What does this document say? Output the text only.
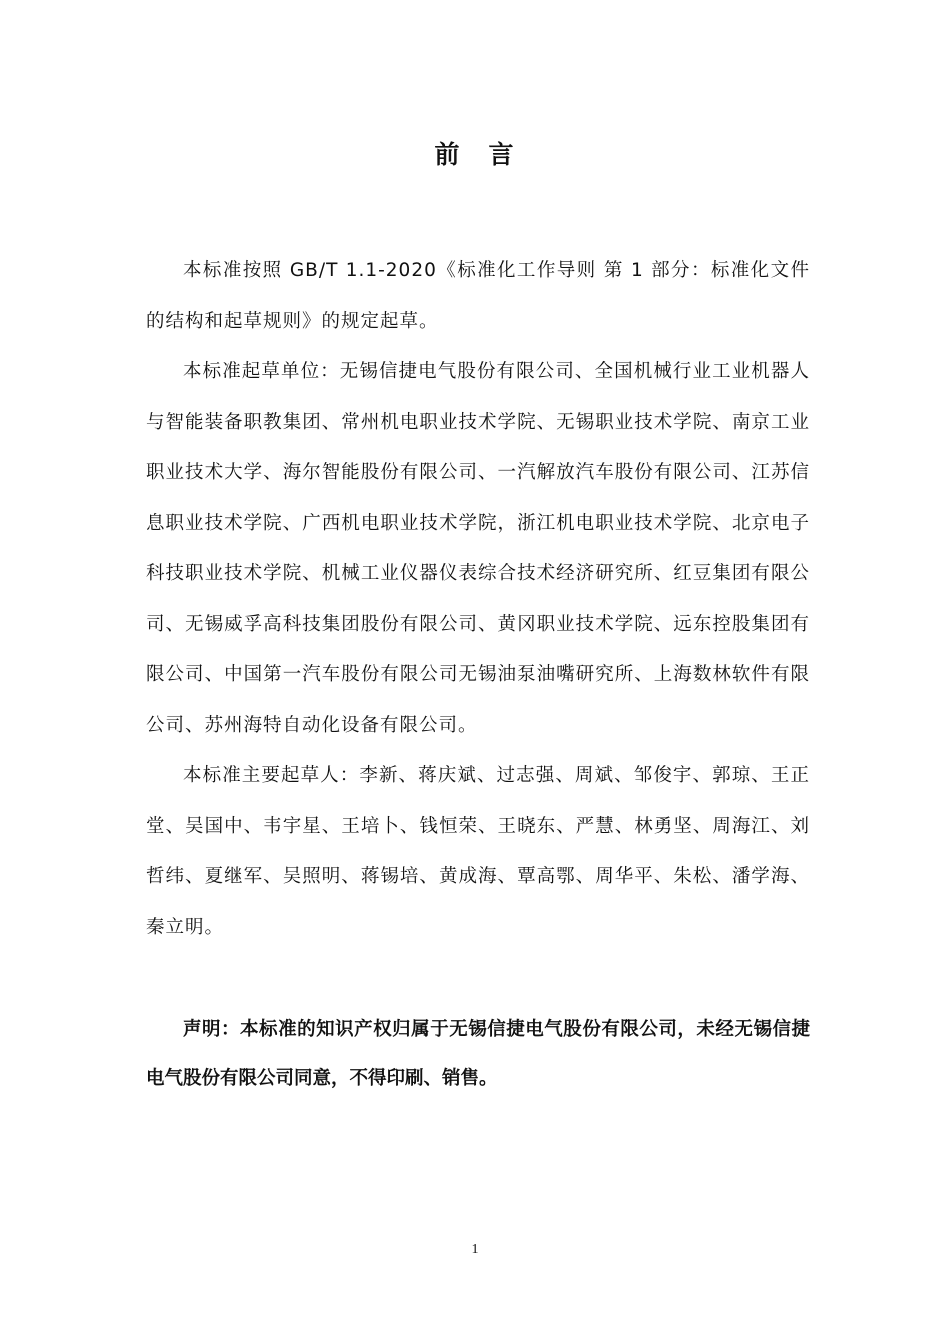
前　言

本标准按照 GB/T 1.1-2020《标准化工作导则 第 1 部分：标准化文件的结构和起草规则》的规定起草。

本标准起草单位：无锡信捷电气股份有限公司、全国机械行业工业机器人与智能装备职教集团、常州机电职业技术学院、无锡职业技术学院、南京工业职业技术大学、海尔智能股份有限公司、一汽解放汽车股份有限公司、江苏信息职业技术学院、广西机电职业技术学院，浙江机电职业技术学院、北京电子科技职业技术学院、机械工业仪器仪表综合技术经济研究所、红豆集团有限公司、无锡威孚高科技集团股份有限公司、黄冈职业技术学院、远东控股集团有限公司、中国第一汽车股份有限公司无锡油泵油嘴研究所、上海数林软件有限公司、苏州海特自动化设备有限公司。

本标准主要起草人：李新、蒋庆斌、过志强、周斌、邹俊宇、郭琼、王正堂、吴国中、韦宇星、王培卜、钱恒荣、王晓东、严慧、林勇坚、周海江、刘哲纬、夏继军、吴照明、蒋锡培、黄成海、覃高鄂、周华平、朱松、潘学海、秦立明。

声明：本标准的知识产权归属于无锡信捷电气股份有限公司，未经无锡信捷电气股份有限公司同意，不得印刷、销售。

1
